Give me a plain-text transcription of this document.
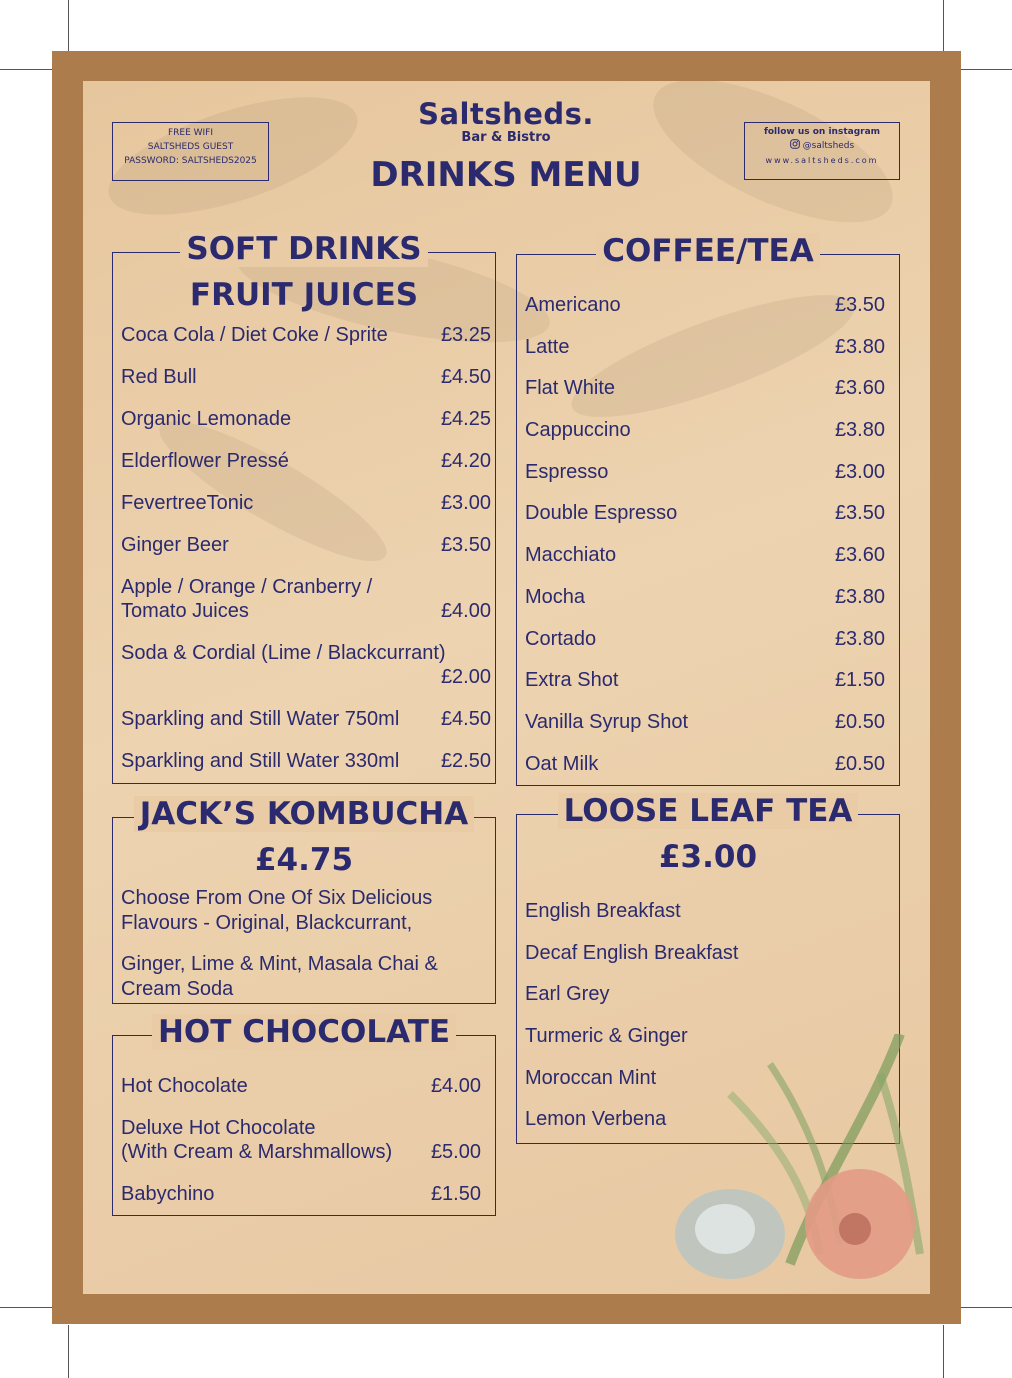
FREE WIFI
SALTSHEDS GUEST
PASSWORD: SALTSHEDS2025
follow us on instagram
@saltsheds
www.saltsheds.com
Saltsheds.
Bar & Bistro
DRINKS MENU
SOFT DRINKS
FRUIT JUICES
Coca Cola / Diet Coke / Sprite	£3.25
Red Bull	£4.50
Organic Lemonade	£4.25
Elderflower Pressé	£4.20
FevertreeTonic	£3.00
Ginger Beer	£3.50
Apple / Orange / Cranberry /
Tomato Juices	£4.00
Soda & Cordial (Lime / Blackcurrant)
£2.00
Sparkling and Still Water 750ml	£4.50
Sparkling and Still Water 330ml	£2.50
COFFEE/TEA
Americano	£3.50
Latte	£3.80
Flat White	£3.60
Cappuccino	£3.80
Espresso	£3.00
Double Espresso	£3.50
Macchiato	£3.60
Mocha	£3.80
Cortado	£3.80
Extra Shot	£1.50
Vanilla Syrup Shot	£0.50
Oat Milk	£0.50
JACK’S KOMBUCHA
£4.75
Choose From One Of Six Delicious
Flavours - Original, Blackcurrant,
Ginger, Lime & Mint, Masala Chai &
Cream Soda
HOT CHOCOLATE
Hot Chocolate	£4.00
Deluxe Hot Chocolate
(With Cream & Marshmallows)	£5.00
Babychino	£1.50
LOOSE LEAF TEA
£3.00
English Breakfast
Decaf English Breakfast
Earl Grey
Turmeric & Ginger
Moroccan Mint
Lemon Verbena
